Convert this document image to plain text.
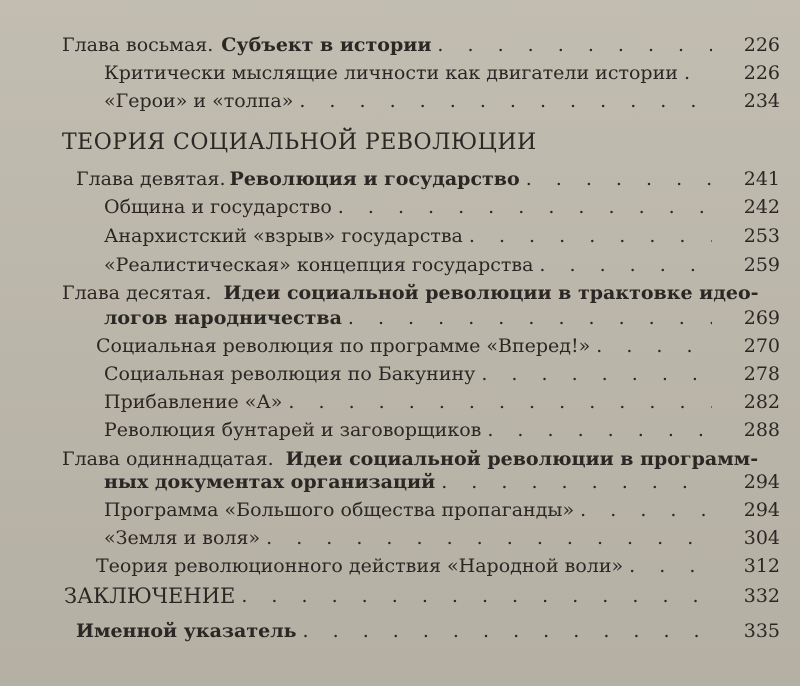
Глава восьмая. Субъект в истории . . .	226
Критически мыслящие личности как двигатели истории . . .	226
«Герои» и «толпа» . . .	234
ТЕОРИЯ СОЦИАЛЬНОЙ РЕВОЛЮЦИИ
Глава девятая. Революция и государство . . .	241
Община и государство . . .	242
Анархистский «взрыв» государства . . .	253
«Реалистическая» концепция государства . . .	259
Глава десятая. Идеи социальной революции в трактовке идео-
логов народничества . . .	269
Социальная революция по программе «Вперед!» . . .	270
Социальная революция по Бакунину . . .	278
Прибавление «А» . . .	282
Революция бунтарей и заговорщиков . . .	288
Глава одиннадцатая. Идеи социальной революции в программ-
ных документах организаций . . .	294
Программа «Большого общества пропаганды» . . .	294
«Земля и воля» . . .	304
Теория революционного действия «Народной воли» . . .	312
ЗАКЛЮЧЕНИЕ . . .	332
Именной указатель . . .	335
